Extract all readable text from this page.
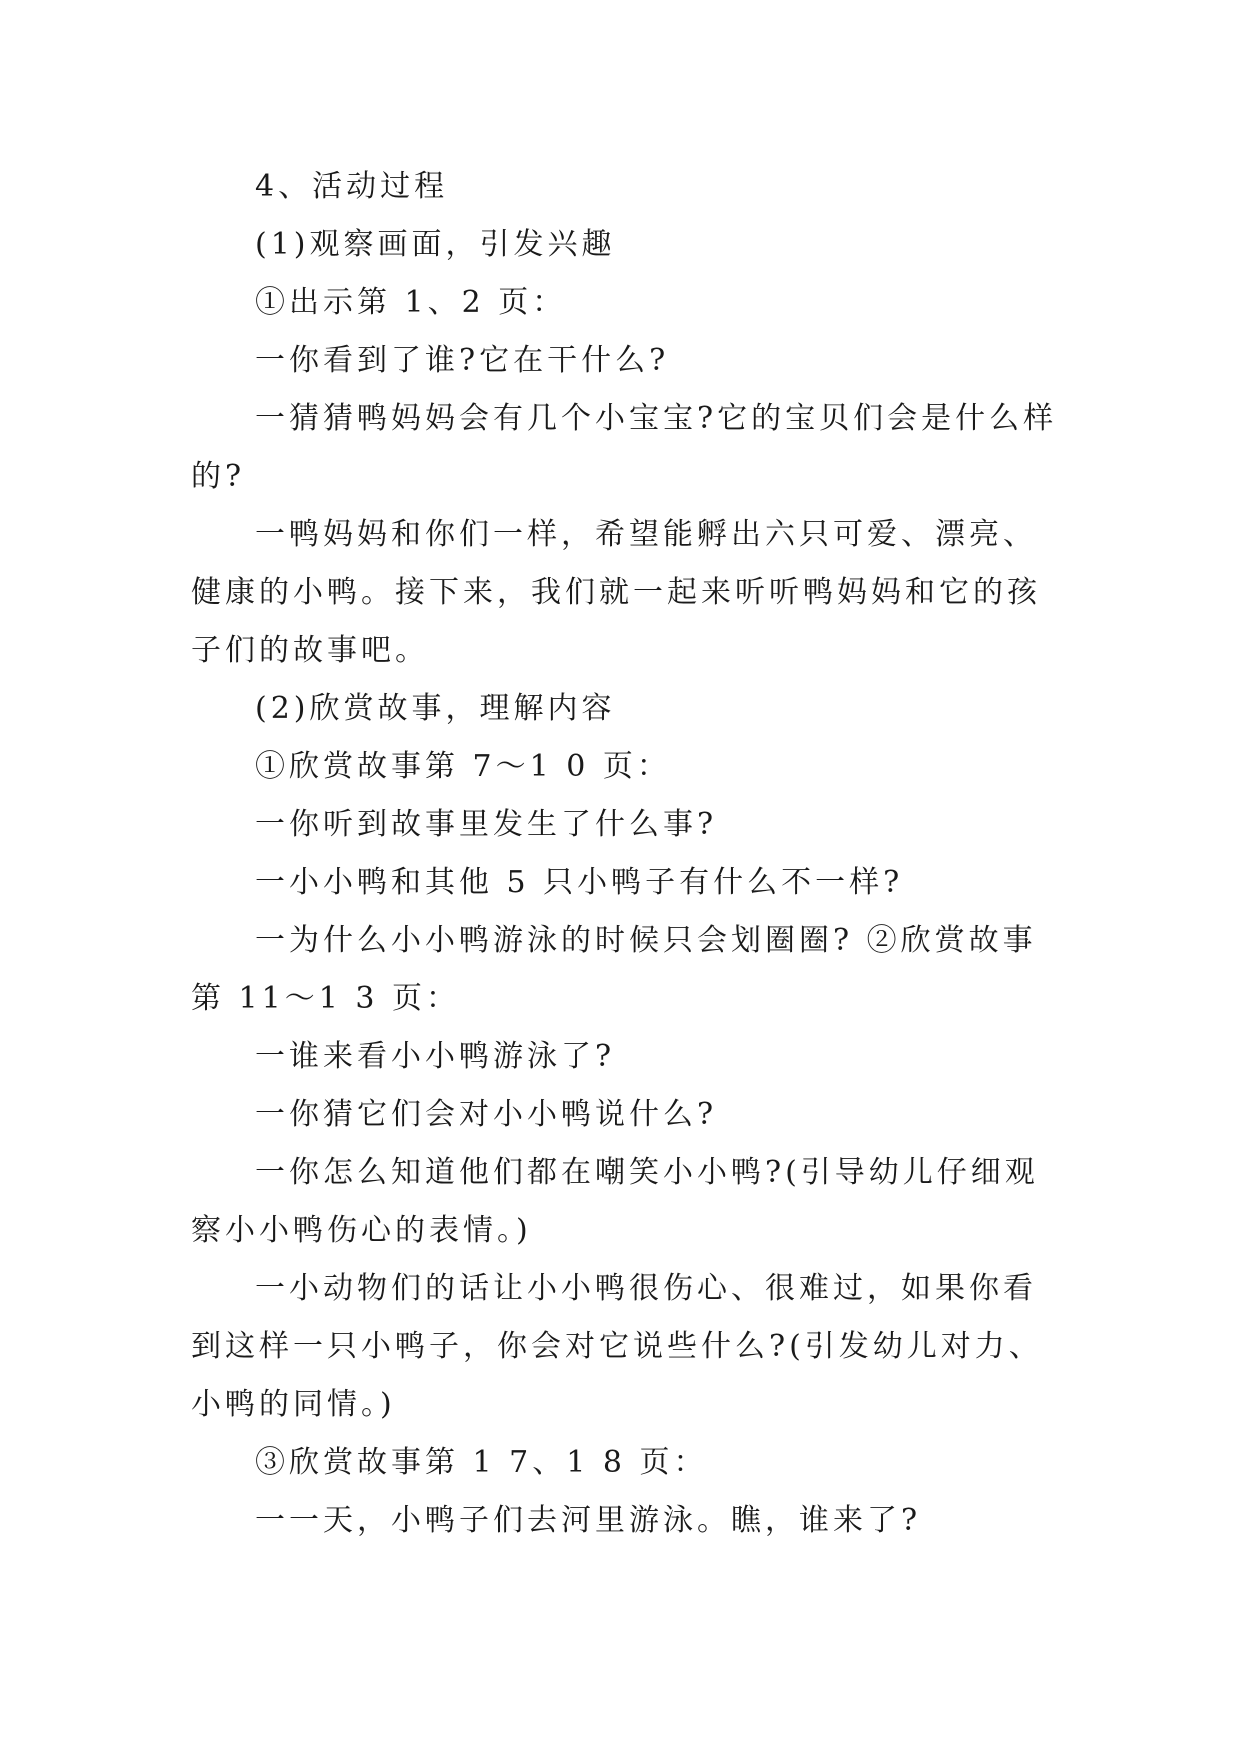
4、活动过程

(1)观察画面，引发兴趣

①出示第 1、2 页：

一你看到了谁?它在干什么?

一猜猜鸭妈妈会有几个小宝宝?它的宝贝们会是什么样的?

一鸭妈妈和你们一样，希望能孵出六只可爱、漂亮、健康的小鸭。接下来，我们就一起来听听鸭妈妈和它的孩子们的故事吧。

(2)欣赏故事，理解内容

①欣赏故事第 7～1 0 页：

一你听到故事里发生了什么事?

一小小鸭和其他 5 只小鸭子有什么不一样?

一为什么小小鸭游泳的时候只会划圈圈? ②欣赏故事第 11～1 3 页：

一谁来看小小鸭游泳了?

一你猜它们会对小小鸭说什么?

一你怎么知道他们都在嘲笑小小鸭?(引导幼儿仔细观察小小鸭伤心的表情。)

一小动物们的话让小小鸭很伤心、很难过，如果你看到这样一只小鸭子，你会对它说些什么?(引发幼儿对力、小鸭的同情。)

③欣赏故事第 1 7、1 8 页：

一一天，小鸭子们去河里游泳。瞧，谁来了?
